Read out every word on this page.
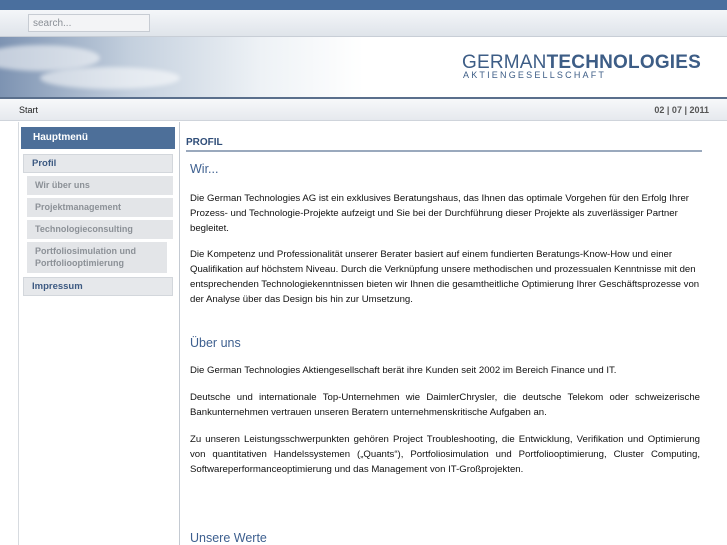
search...
GERMANTECHNOLOGIES
AKTIENGESELLSCHAFT
Start	02 | 07 | 2011
Hauptmenü
Profil
Wir über uns
Projektmanagement
Technologieconsulting
Portfoliosimulation und Portfoliooptimierung
Impressum
PROFIL
Wir...

Die German Technologies AG ist ein exklusives Beratungshaus, das Ihnen das optimale Vorgehen für den Erfolg Ihrer Prozess- und Technologie-Projekte aufzeigt und Sie bei der Durchführung dieser Projekte als zuverlässiger Partner begleitet.

Die Kompetenz und Professionalität unserer Berater basiert auf einem fundierten Beratungs-Know-How und einer Qualifikation auf höchstem Niveau. Durch die Verknüpfung unsere methodischen und prozessualen Kenntnisse mit den entsprechenden Technologiekenntnissen bieten wir Ihnen die gesamtheitliche Optimierung Ihrer Geschäftsprozesse von der Analyse über das Design bis hin zur Umsetzung.

Über uns

Die German Technologies Aktiengesellschaft berät ihre Kunden seit 2002 im Bereich Finance und IT.

Deutsche und internationale Top-Unternehmen wie DaimlerChrysler, die deutsche Telekom oder schweizerische Bankunternehmen vertrauen unseren Beratern unternehmenskritische Aufgaben an.

Zu unseren Leistungsschwerpunkten gehören Project Troubleshooting, die Entwicklung, Verifikation und Optimierung von quantitativen Handelssystemen („Quants“), Portfoliosimulation und Portfoliooptimierung, Cluster Computing, Softwareperformanceoptimierung und das Management von IT-Großprojekten.

Unsere Werte
